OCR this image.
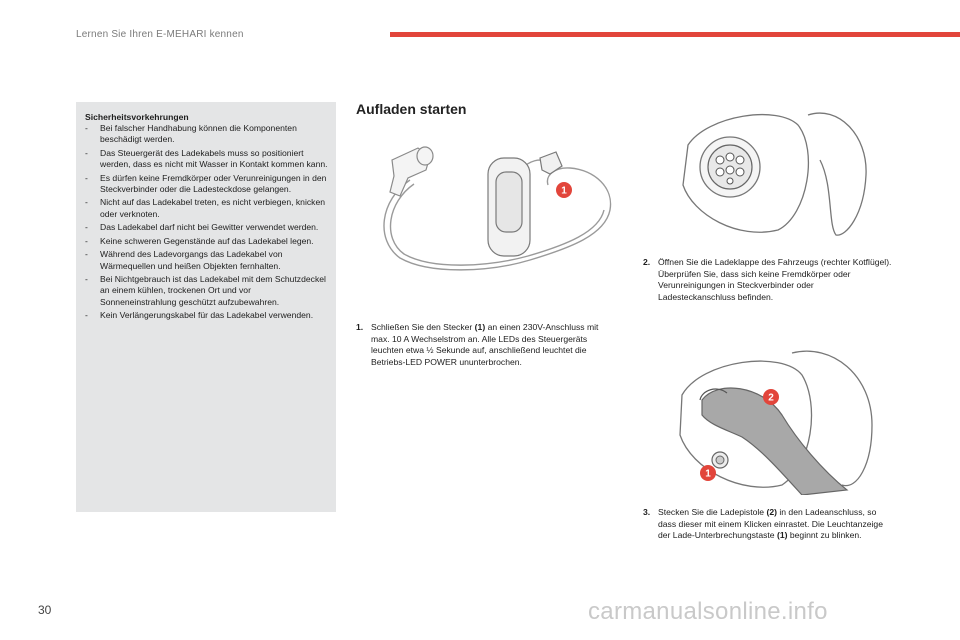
Lernen Sie Ihren E-MEHARI kennen
Sicherheitsvorkehrungen
- Bei falscher Handhabung können die Komponenten beschädigt werden.
- Das Steuergerät des Ladekabels muss so positioniert werden, dass es nicht mit Wasser in Kontakt kommen kann.
- Es dürfen keine Fremdkörper oder Verunreinigungen in den Steckverbinder oder die Ladesteckdose gelangen.
- Nicht auf das Ladekabel treten, es nicht verbiegen, knicken oder verknoten.
- Das Ladekabel darf nicht bei Gewitter verwendet werden.
- Keine schweren Gegenstände auf das Ladekabel legen.
- Während des Ladevorgangs das Ladekabel von Wärmequellen und heißen Objekten fernhalten.
- Bei Nichtgebrauch ist das Ladekabel mit dem Schutzdeckel an einem kühlen, trockenen Ort und vor Sonneneinstrahlung geschützt aufzubewahren.
- Kein Verlängerungskabel für das Ladekabel verwenden.
Aufladen starten
1
2
1
1. Schließen Sie den Stecker (1) an einen 230V-Anschluss mit max. 10 A Wechselstrom an. Alle LEDs des Steuergeräts leuchten etwa ½ Sekunde auf, anschließend leuchtet die Betriebs-LED POWER ununterbrochen.
2. Öffnen Sie die Ladeklappe des Fahrzeugs (rechter Kotflügel). Überprüfen Sie, dass sich keine Fremdkörper oder Verunreinigungen in Steckverbinder oder Ladesteckanschluss befinden.
3. Stecken Sie die Ladepistole (2) in den Ladeanschluss, so dass dieser mit einem Klicken einrastet. Die Leuchtanzeige der Lade-Unterbrechungstaste (1) beginnt zu blinken.
30	carmanualsonline.info
